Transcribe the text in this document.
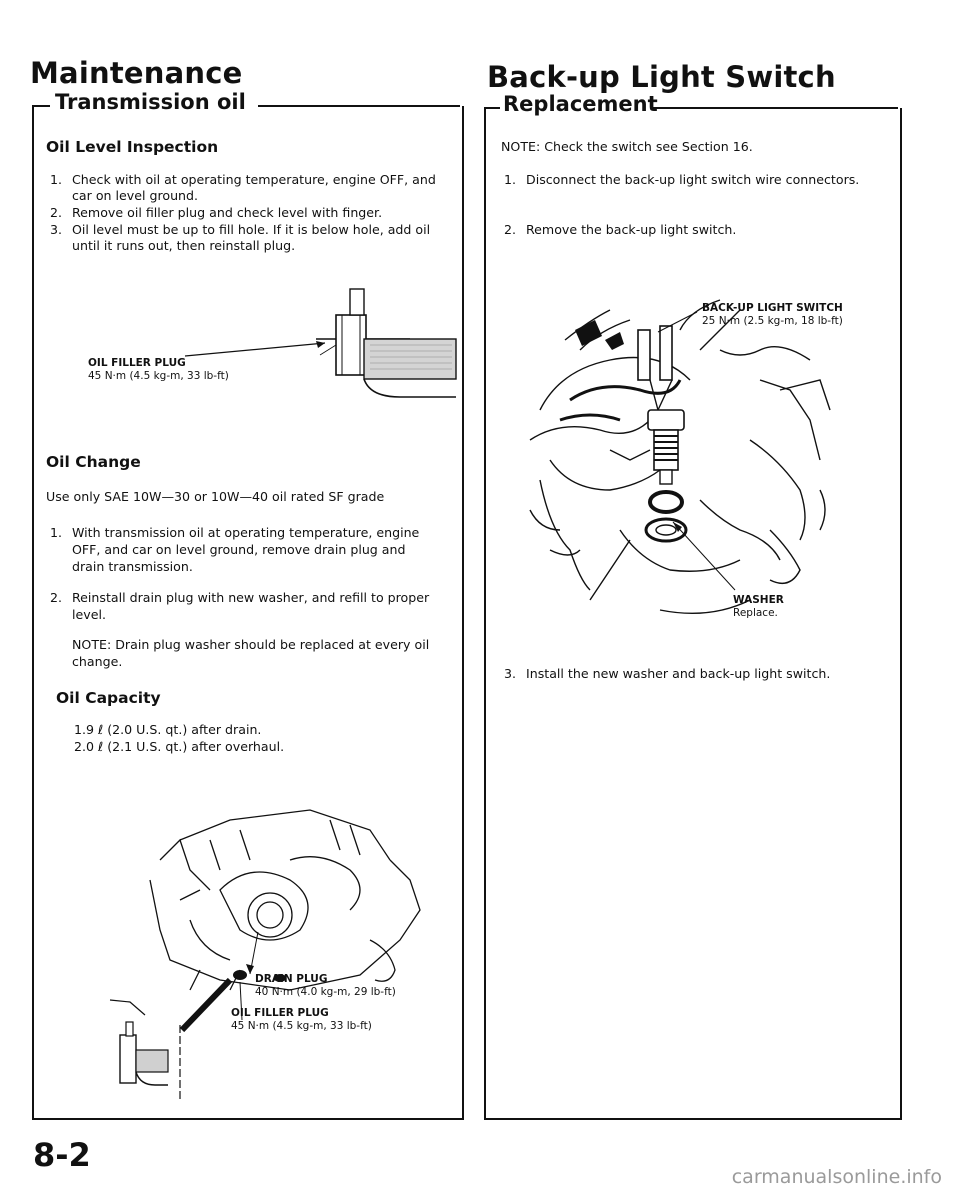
Maintenance
Transmission oil
Oil Level Inspection
1. Check with oil at operating temperature, engine OFF, and car on level ground.
2. Remove oil filler plug and check level with finger.
3. Oil level must be up to fill hole. If it is below hole, add oil until it runs out, then reinstall plug.
OIL FILLER PLUG
45 N·m (4.5 kg-m, 33 lb-ft)
Oil Change
Use only SAE 10W—30 or 10W—40 oil rated SF grade
1. With transmission oil at operating temperature, engine OFF, and car on level ground, remove drain plug and drain transmission.
2. Reinstall drain plug with new washer, and refill to proper level.
NOTE: Drain plug washer should be replaced at every oil change.
Oil Capacity
1.9 ℓ (2.0 U.S. qt.) after drain.
2.0 ℓ (2.1 U.S. qt.) after overhaul.
DRAIN PLUG
40 N·m (4.0 kg-m, 29 lb-ft)
OIL FILLER PLUG
45 N·m (4.5 kg-m, 33 lb-ft)
8-2
Back-up Light Switch
Replacement
NOTE: Check the switch see Section 16.
1. Disconnect the back-up light switch wire connectors.
2. Remove the back-up light switch.
BACK-UP LIGHT SWITCH
25 N·m (2.5 kg-m, 18 lb-ft)
WASHER
Replace.
3. Install the new washer and back-up light switch.
carmanualsonline.info
